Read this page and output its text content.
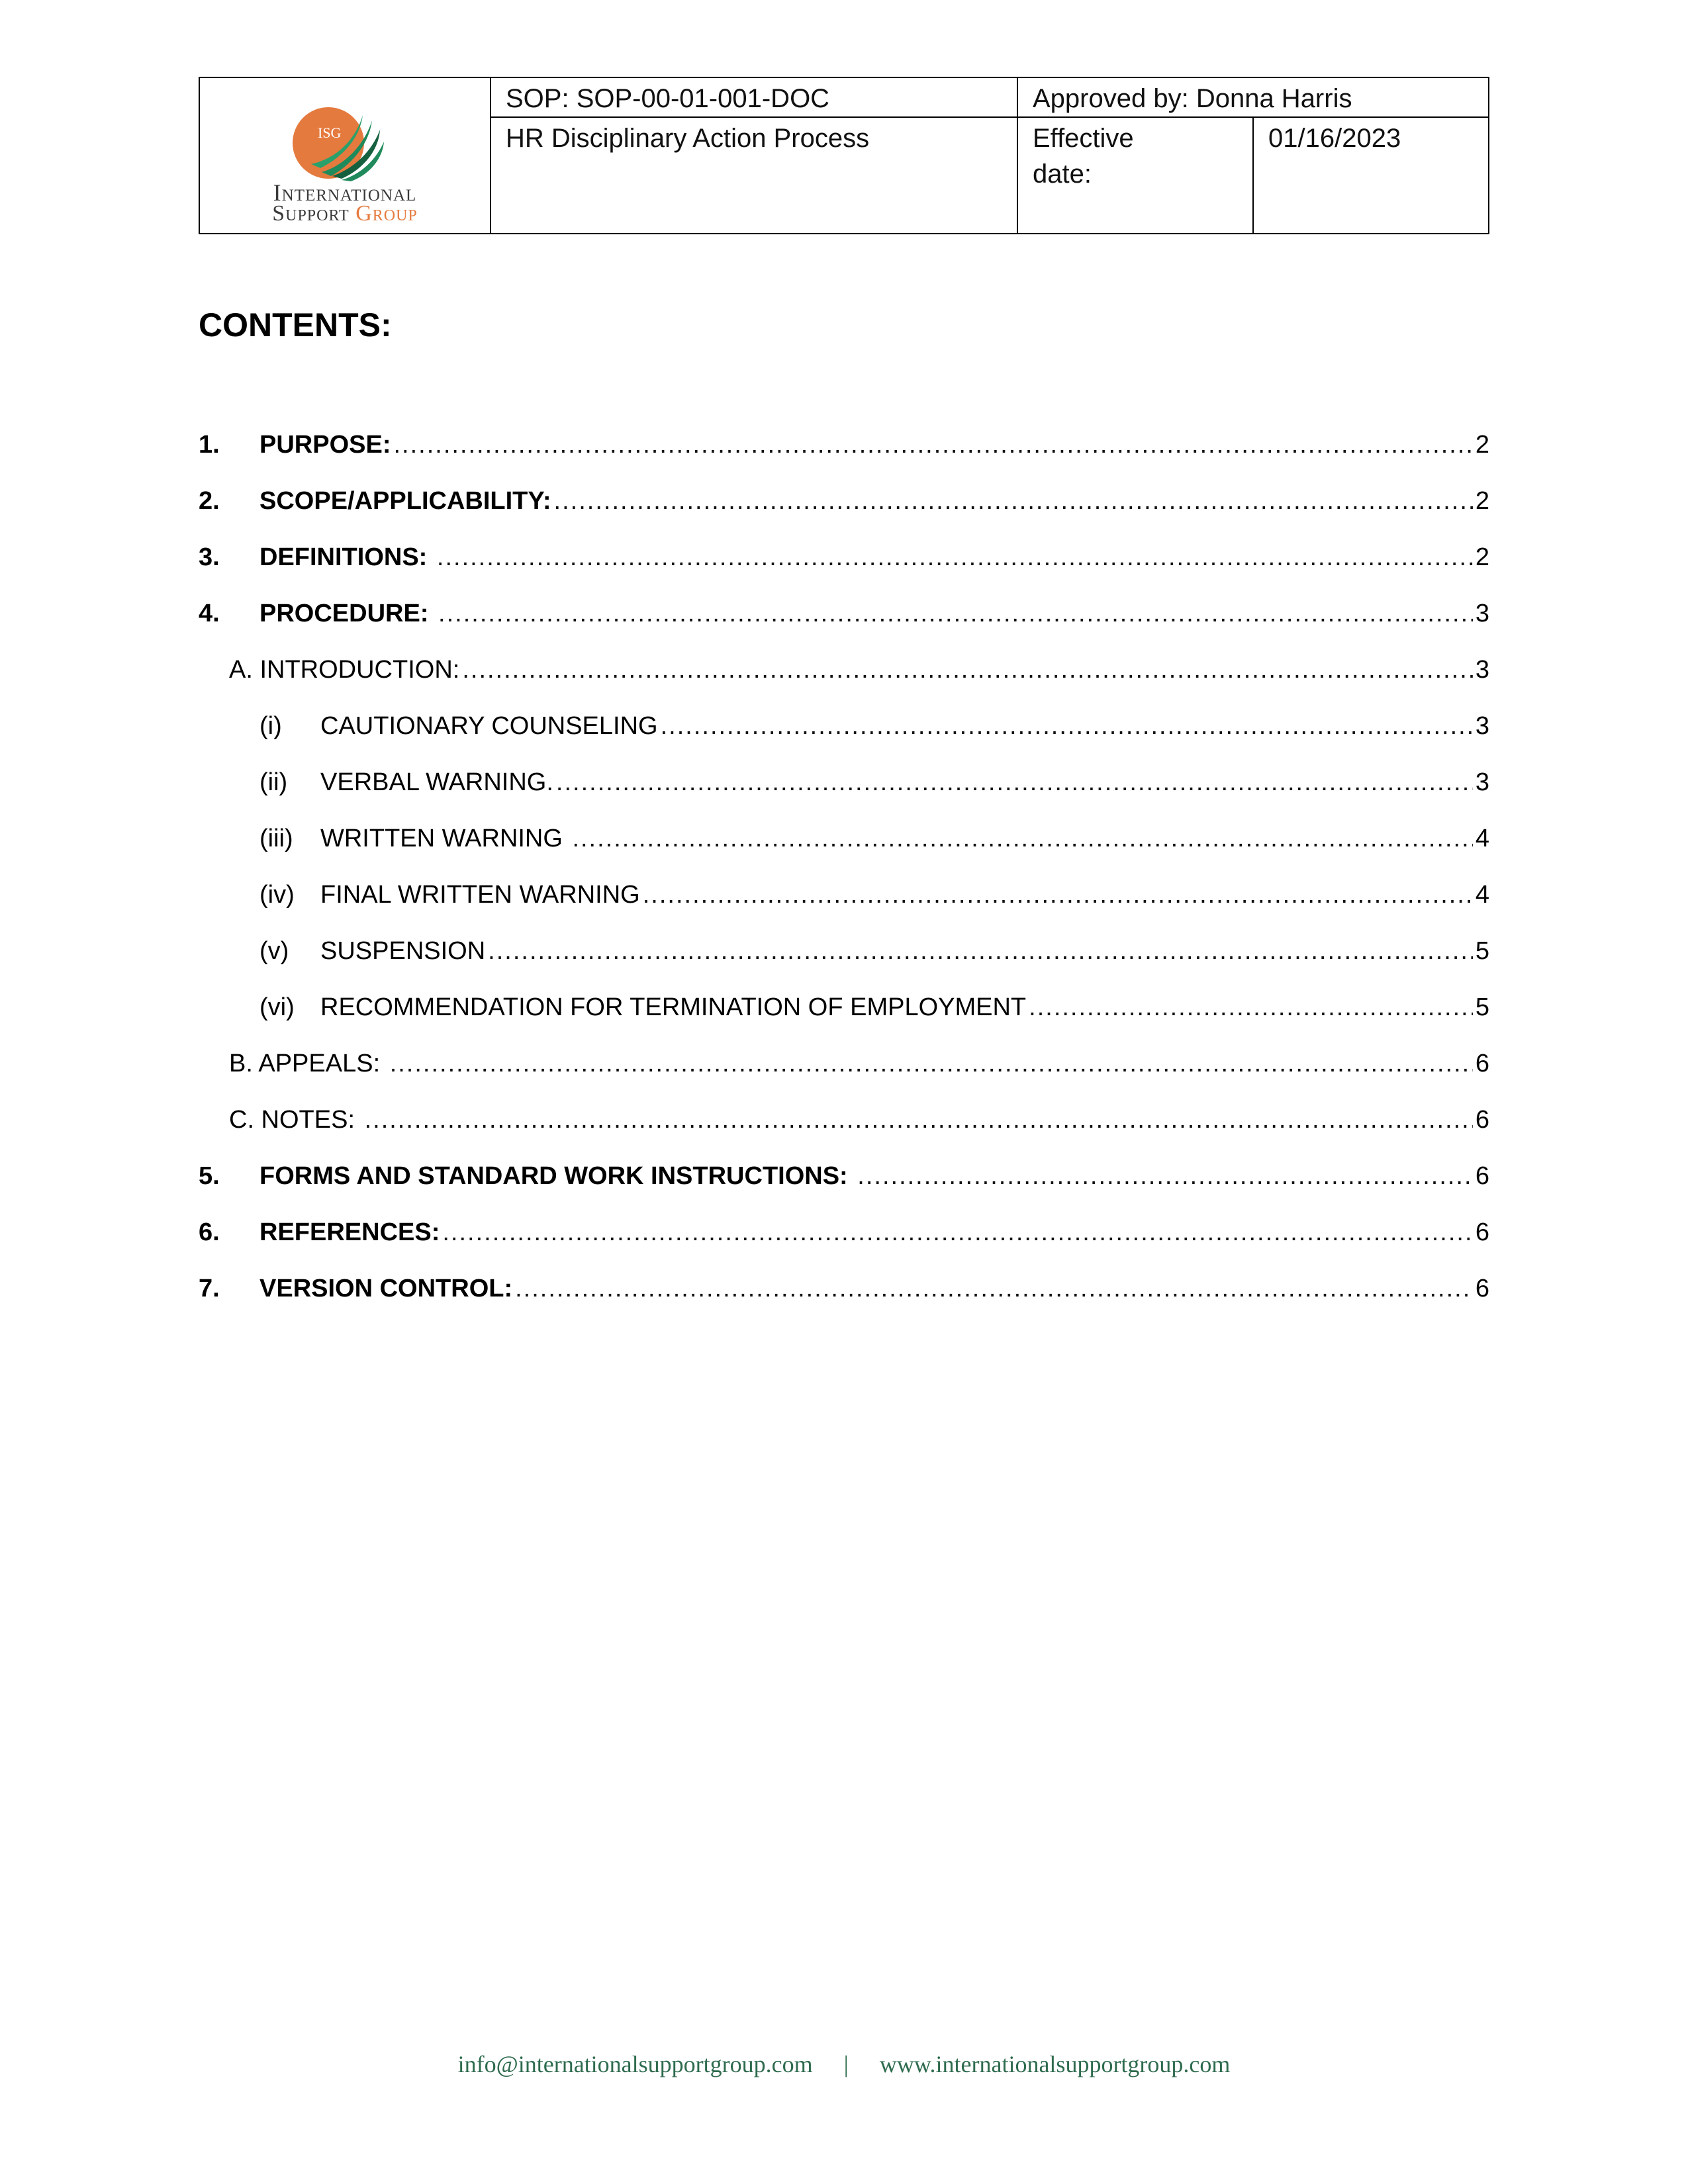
ISG
International
Support Group	SOP: SOP-00-01-001-DOC	Approved by: Donna Harris	

	HR Disciplinary Action Process	Effective date:	01/16/2023
CONTENTS:
1.	PURPOSE: .....	2
2.	SCOPE/APPLICABILITY: .....	2
3.	DEFINITIONS: .....	2
4.	PROCEDURE: .....	3
A. INTRODUCTION: .....	3
(i)	CAUTIONARY COUNSELING .....	3
(ii)	VERBAL WARNING. .....	3
(iii)	WRITTEN WARNING .....	4
(iv)	FINAL WRITTEN WARNING .....	4
(v)	SUSPENSION .....	5
(vi)	RECOMMENDATION FOR TERMINATION OF EMPLOYMENT .....	5
B. APPEALS: .....	6
C. NOTES: .....	6
5.	FORMS AND STANDARD WORK INSTRUCTIONS: .....	6
6.	REFERENCES: .....	6
7.	VERSION CONTROL: .....	6
info@internationalsupportgroup.com | www.internationalsupportgroup.com
